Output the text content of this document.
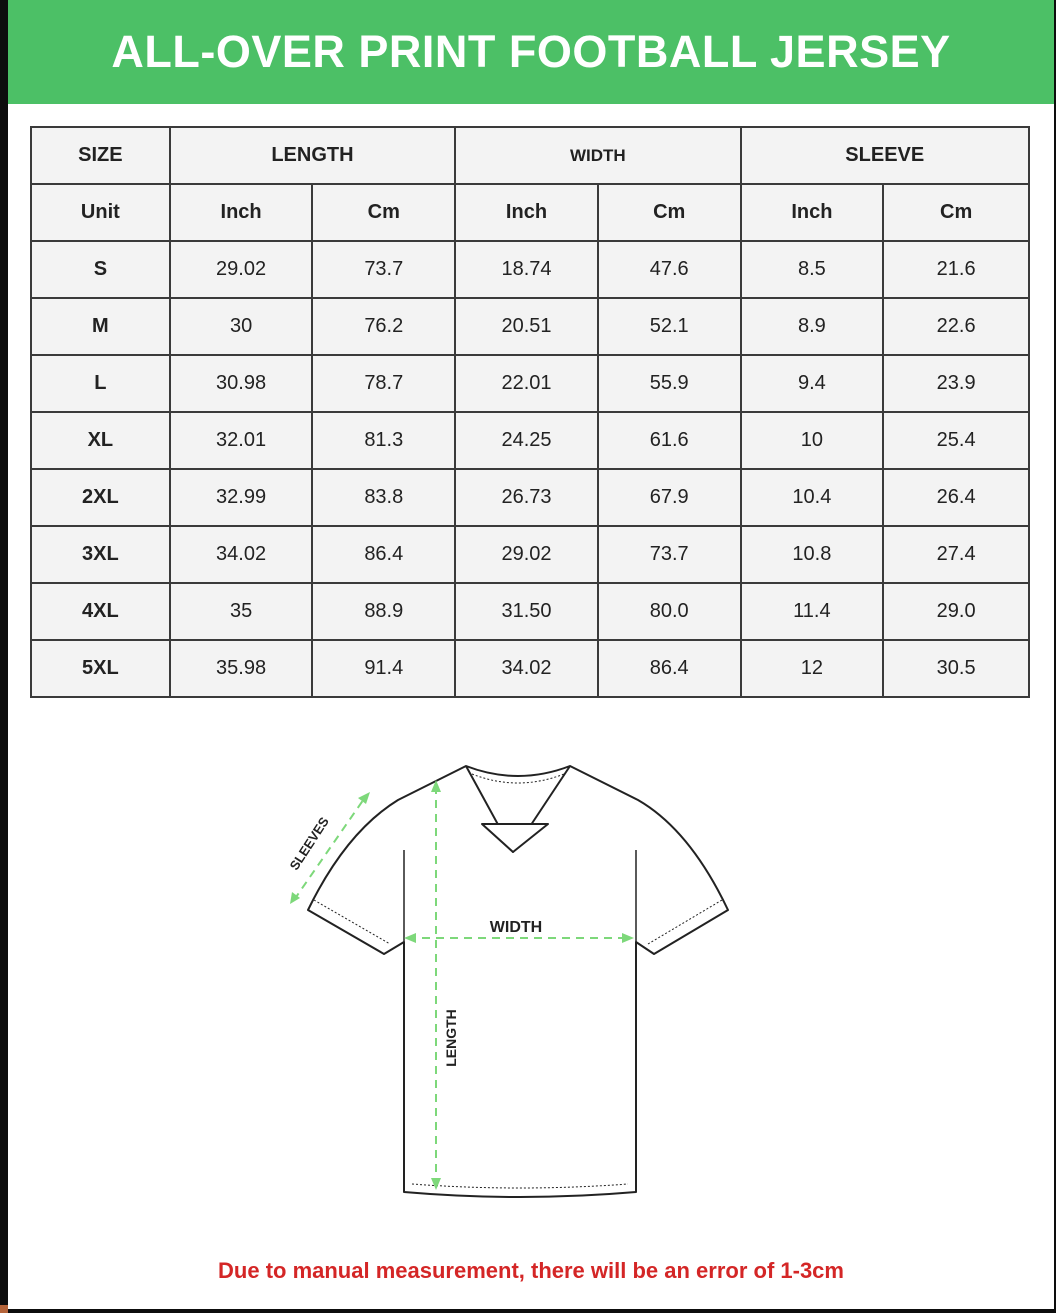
ALL-OVER PRINT FOOTBALL JERSEY
SIZE	LENGTH		WIDTH		SLEEVE	
Unit	Inch	Cm	Inch	Cm	Inch	Cm
S	29.02	73.7	18.74	47.6	8.5	21.6
M	30	76.2	20.51	52.1	8.9	22.6
L	30.98	78.7	22.01	55.9	9.4	23.9
XL	32.01	81.3	24.25	61.6	10	25.4
2XL	32.99	83.8	26.73	67.9	10.4	26.4
3XL	34.02	86.4	29.02	73.7	10.8	27.4
4XL	35	88.9	31.50	80.0	11.4	29.0
5XL	35.98	91.4	34.02	86.4	12	30.5
WIDTH
LENGTH
SLEEVES
Due to manual measurement, there will be an error of 1-3cm
